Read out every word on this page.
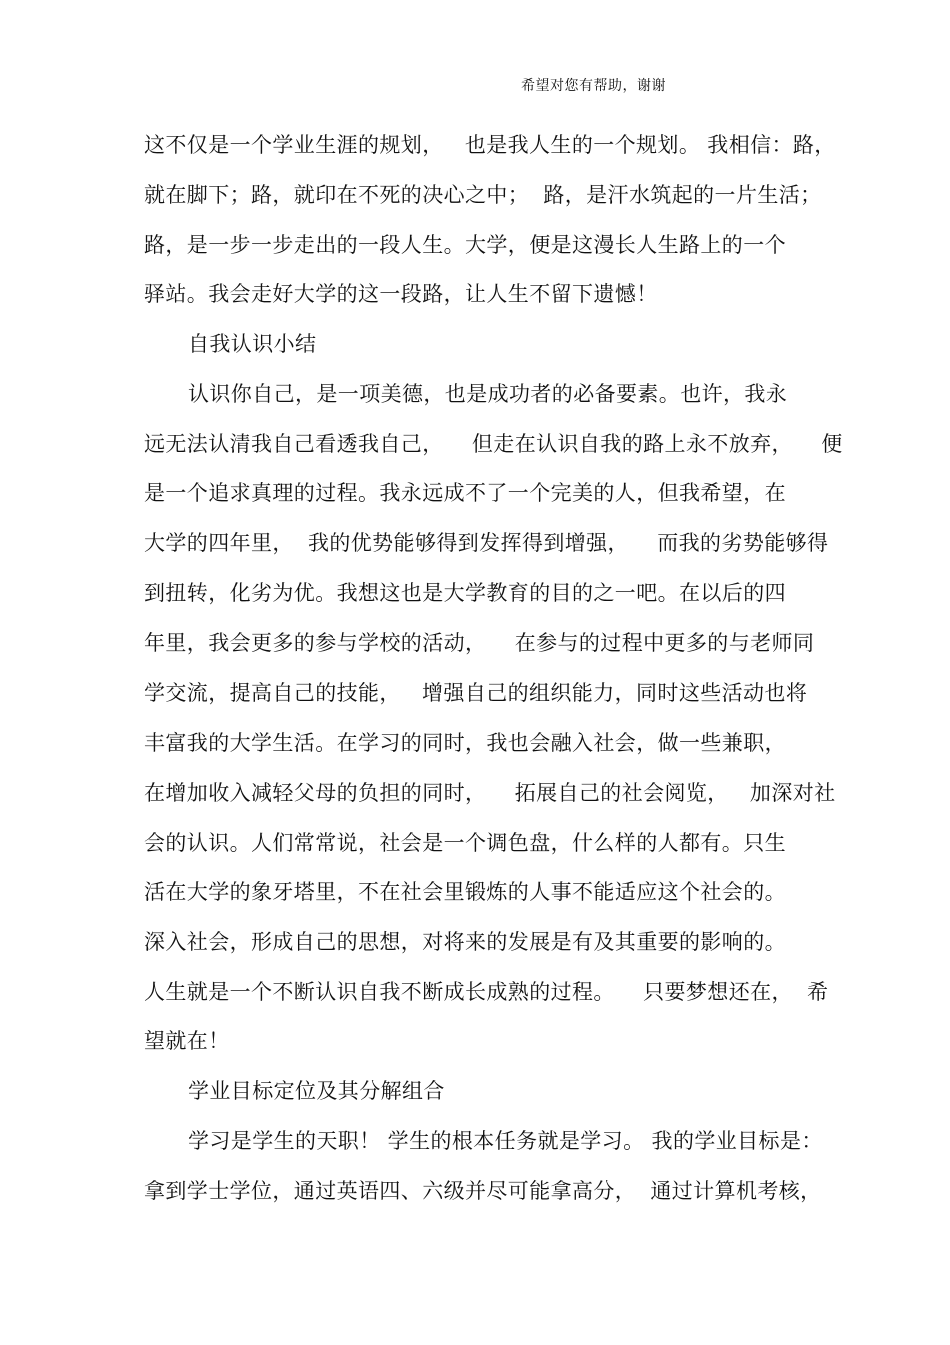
希望对您有帮助，谢谢
这不仅是一个学业生涯的规划，   也是我人生的一个规划。 我相信：路，
就在脚下；路，就印在不死的决心之中；  路，是汗水筑起的一片生活；
路，是一步一步走出的一段人生。大学，便是这漫长人生路上的一个
驿站。我会走好大学的这一段路，让人生不留下遗憾！
自我认识小结
认识你自己，是一项美德，也是成功者的必备要素。也许，我永
远无法认清我自己看透我自己，    但走在认识自我的路上永不放弃，    便
是一个追求真理的过程。我永远成不了一个完美的人，但我希望，在
大学的四年里，  我的优势能够得到发挥得到增强，    而我的劣势能够得
到扭转，化劣为优。我想这也是大学教育的目的之一吧。在以后的四
年里，我会更多的参与学校的活动，    在参与的过程中更多的与老师同
学交流，提高自己的技能，   增强自己的组织能力，同时这些活动也将
丰富我的大学生活。在学习的同时，我也会融入社会，做一些兼职，
在增加收入减轻父母的负担的同时，    拓展自己的社会阅览，   加深对社
会的认识。人们常常说，社会是一个调色盘，什么样的人都有。只生
活在大学的象牙塔里，不在社会里锻炼的人事不能适应这个社会的。
深入社会，形成自己的思想，对将来的发展是有及其重要的影响的。
人生就是一个不断认识自我不断成长成熟的过程。    只要梦想还在，  希
望就在！
学业目标定位及其分解组合
学习是学生的天职！ 学生的根本任务就是学习。 我的学业目标是：
拿到学士学位，通过英语四、六级并尽可能拿高分，  通过计算机考核，
